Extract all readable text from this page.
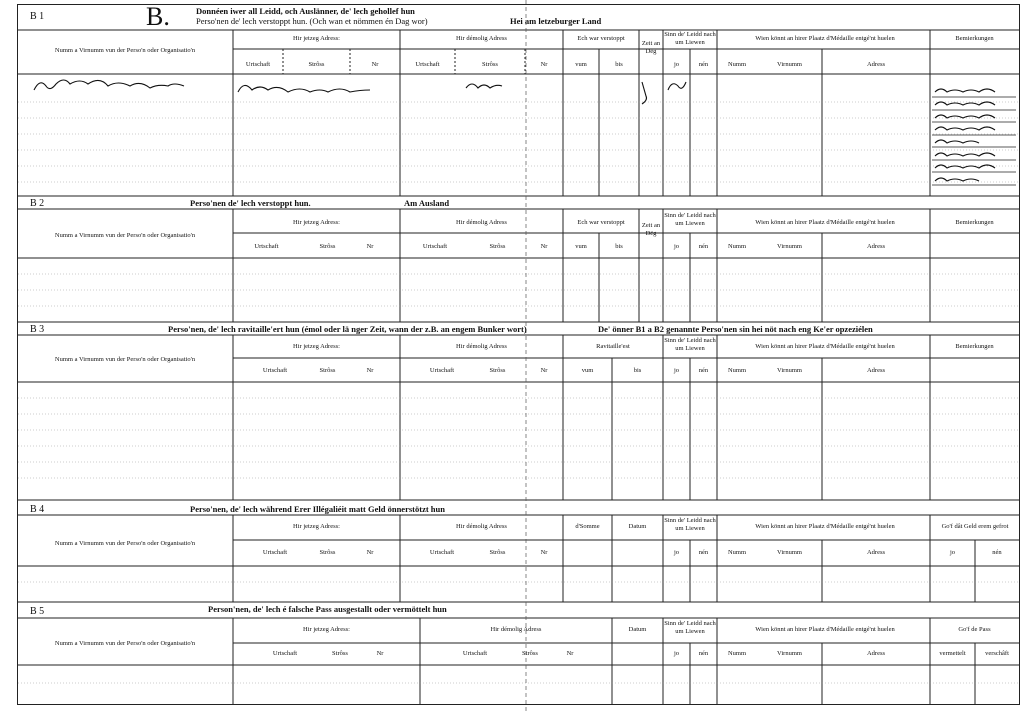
B 1	B.	Donnéen iwer all Leidd, och Auslänner, de' lech gehollef hun
Perso'nen de' lech verstoppt hun. (Och wan et nömmen én Dag wor)	Hei am letzeburger Land
Numm a Virnumm vun der Perso'n oder Organisatio'n
Hir jetzeg Adress:	Hir démolig Adress	Ech war verstoppt
Zeit an Dëg
Sinn de' Leidd nach um Liewen
Wien könnt an hirer Plaatz d'Médaille entgé'nt huelen	Bemierkungen
Urtschaft	Strôss	Nr	Urtschaft	Strôss	Nr	vum	bis	jo	nén	Numm	Virnumm	Adress
B 2	Perso'nen de' lech verstoppt hun.	Am Ausland
Numm a Virnumm vun der Perso'n oder Organisatio'n
Hir jetzeg Adress:	Hir démolig Adress	Ech war verstoppt	Zeit an Dëg
Sinn de' Leidd nach um Liewen	Wien könnt an hirer Plaatz d'Médaille entgé'nt huelen	Bemierkungen
Urtschaft	Strôss	Nr	Urtschaft	Strôss	Nr	vum	bis	jo	nén	Numm	Virnumm	Adress
B 3	Perso'nen, de' lech ravitaille'ert hun (émol oder lä nger Zeit, wann der z.B. an engem Bunker wort)	De' önner B1 a B2 genannte Perso'nen sin hei nöt nach eng Ke'er opzeziélen
Numm a Virnumm vun der Perso'n oder Organisatio'n
Hir jetzeg Adress:	Hir démolig Adress	Ravitaille'est
Sinn de' Leidd nach um Liewen	Wien könnt an hirer Plaatz d'Médaille entgé'nt huelen	Bemierkungen
Urtschaft	Strôss	Nr	Urtschaft	Strôss	Nr	vum	bis	jo	nén	Numm	Virnumm	Adress
B 4	Perso'nen, de' lech während Erer Illégaliéit matt Geld önnerstötzt hun
Numm a Virnumm vun der Perso'n oder Organisatio'n
Hir jetzeg Adress:	Hir démolig Adress	d'Somme	Datum
Sinn de' Leidd nach um Liewen	Wien könnt an hirer Plaatz d'Médaille entgé'nt huelen	Go'f dât Geld erem gefrot
Urtschaft	Strôss	Nr	Urtschaft	Strôss	Nr	jo	nén	Numm	Virnumm	Adress	jo	nén
B 5	Person'nen, de' lech é falsche Pass ausgestallt oder vermöttelt hun
Numm a Virnumm vun der Perso'n oder Organisatio'n
Hir jetzeg Adress:	Hir démolig Adress	Datum
Sinn de' Leidd nach um Liewen	Wien könnt an hirer Plaatz d'Médaille entgé'nt huelen	Go'f de Pass
Urtschaft	Strôss	Nr	Urtschaft	Strôss	Nr	jo	nén	Numm	Virnumm	Adress	vermettelt	verschâft
